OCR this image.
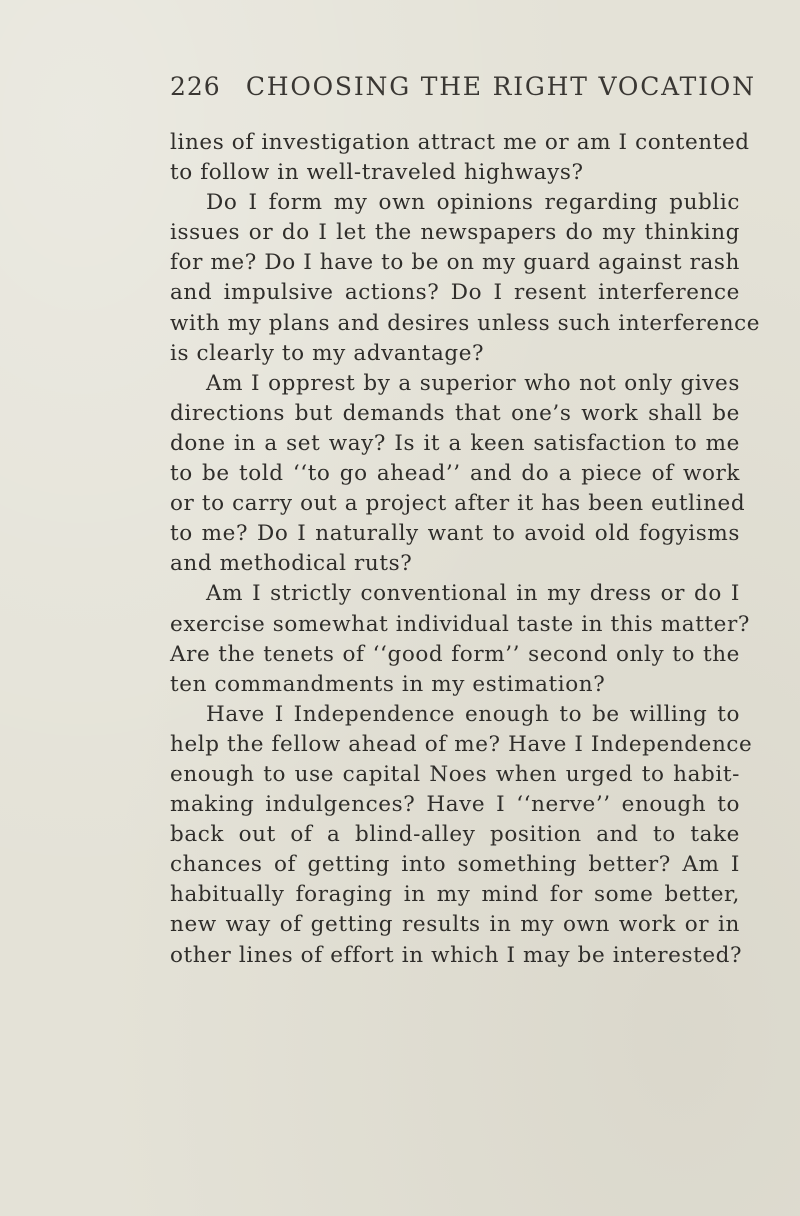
226 CHOOSING THE RIGHT VOCATION
lines of investigation attract me or am I contented
to follow in well-traveled highways?
Do I form my own opinions regarding public
issues or do I let the newspapers do my thinking
for me? Do I have to be on my guard against rash
and impulsive actions? Do I resent interference
with my plans and desires unless such interference
is clearly to my advantage?
Am I opprest by a superior who not only gives
directions but demands that one’s work shall be
done in a set way? Is it a keen satisfaction to me
to be told ‘‘to go ahead’’ and do a piece of work
or to carry out a project after it has been eutlined
to me? Do I naturally want to avoid old fogyisms
and methodical ruts?
Am I strictly conventional in my dress or do I
exercise somewhat individual taste in this matter?
Are the tenets of ‘‘good form’’ second only to the
ten commandments in my estimation?
Have I Independence enough to be willing to
help the fellow ahead of me? Have I Independence
enough to use capital Noes when urged to habit-
making indulgences? Have I ‘‘nerve’’ enough to
back out of a blind-alley position and to take
chances of getting into something better? Am I
habitually foraging in my mind for some better,
new way of getting results in my own work or in
other lines of effort in which I may be interested?
